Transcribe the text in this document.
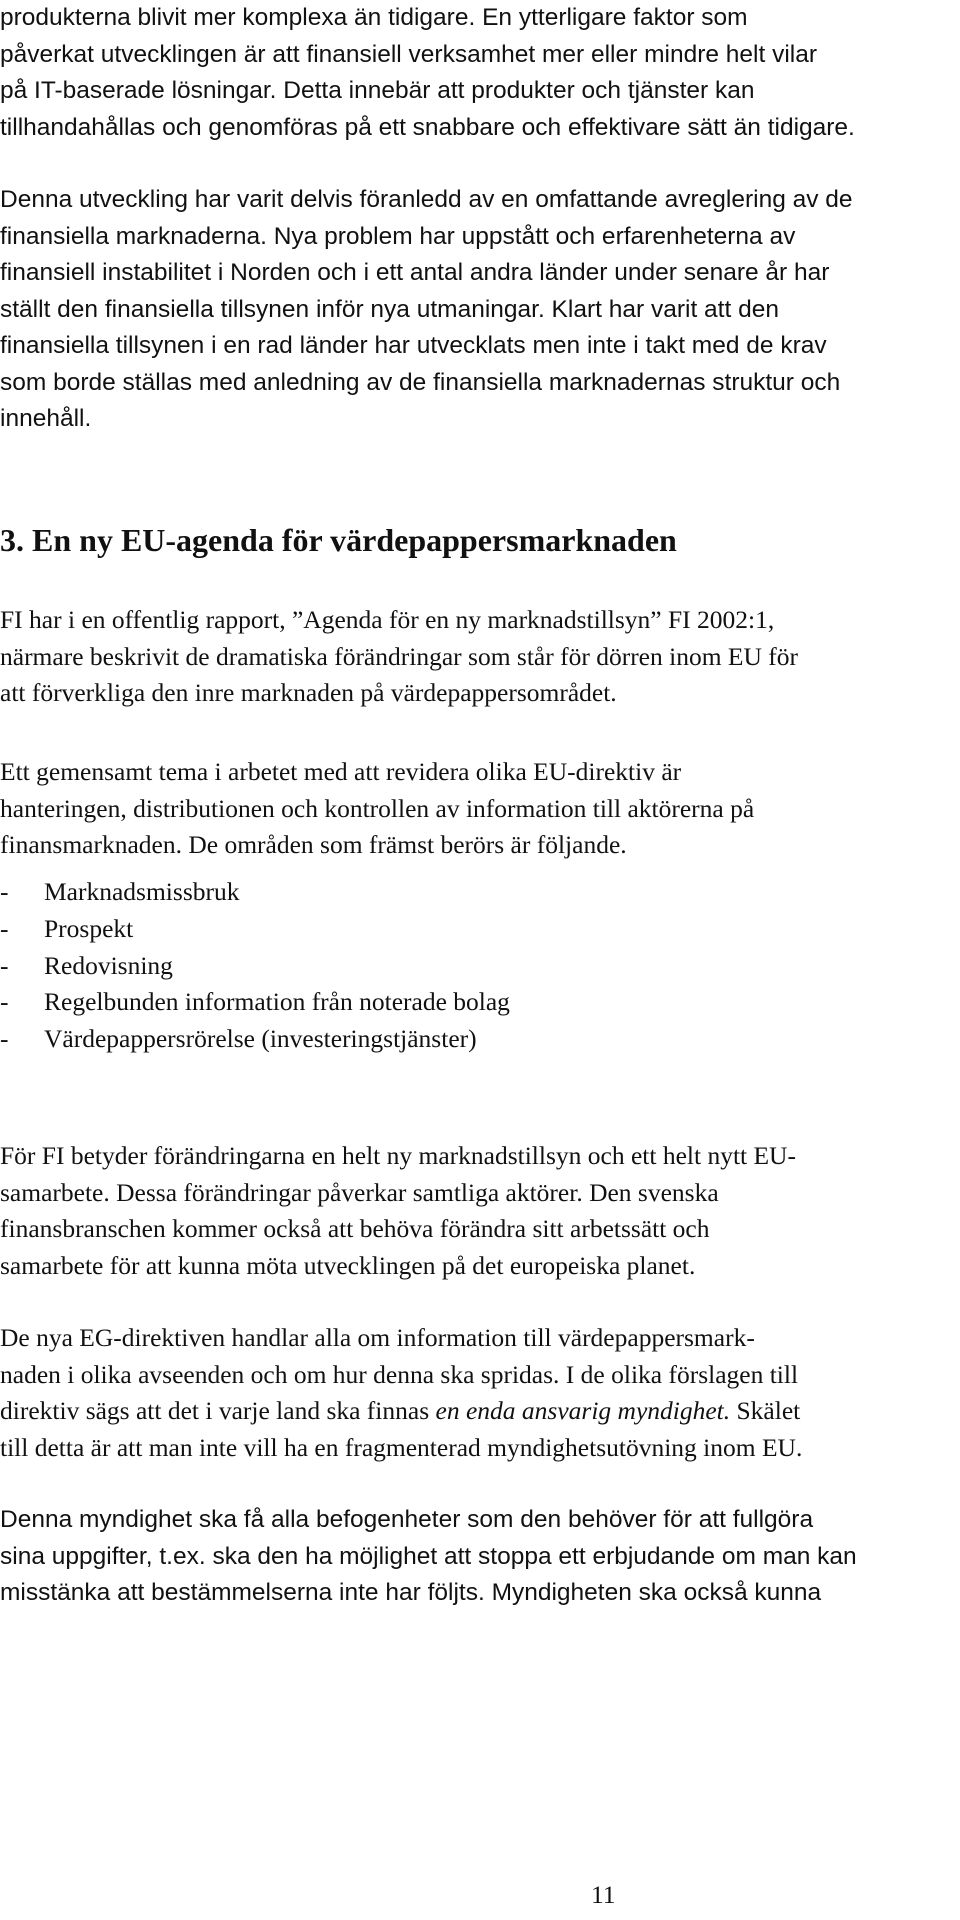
produkterna blivit mer komplexa än tidigare. En ytterligare faktor som
påverkat utvecklingen är att finansiell verksamhet mer eller mindre helt vilar
på IT-baserade lösningar. Detta innebär att produkter och tjänster kan
tillhandahållas och genomföras på ett snabbare och effektivare sätt än tidigare.

Denna utveckling har varit delvis föranledd av en omfattande avreglering av de
finansiella marknaderna. Nya problem har uppstått och erfarenheterna av
finansiell instabilitet i Norden och i ett antal andra länder under senare år har
ställt den finansiella tillsynen inför nya utmaningar. Klart har varit att den
finansiella tillsynen i en rad länder har utvecklats men inte i takt med de krav
som borde ställas med anledning av de finansiella marknadernas struktur och
innehåll.

3. En ny EU-agenda för värdepappersmarknaden

FI har i en offentlig rapport, ”Agenda för en ny marknadstillsyn” FI 2002:1,
närmare beskrivit de dramatiska förändringar som står för dörren inom EU för
att förverkliga den inre marknaden på värdepappersområdet.

Ett gemensamt tema i arbetet med att revidera olika EU-direktiv är
hanteringen, distributionen och kontrollen av information till aktörerna på
finansmarknaden. De områden som främst berörs är följande.

-	Marknadsmissbruk
-	Prospekt
-	Redovisning
-	Regelbunden information från noterade bolag
-	Värdepappersrörelse (investeringstjänster)

För FI betyder förändringarna en helt ny marknadstillsyn och ett helt nytt EU-
samarbete. Dessa förändringar påverkar samtliga aktörer. Den svenska
finansbranschen kommer också att behöva förändra sitt arbetssätt och
samarbete för att kunna möta utvecklingen på det europeiska planet.

De nya EG-direktiven handlar alla om information till värdepappersmark-
naden i olika avseenden och om hur denna ska spridas. I de olika förslagen till
direktiv sägs att det i varje land ska finnas en enda ansvarig myndighet. Skälet
till detta är att man inte vill ha en fragmenterad myndighetsutövning inom EU.

Denna myndighet ska få alla befogenheter som den behöver för att fullgöra
sina uppgifter, t.ex. ska den ha möjlighet att stoppa ett erbjudande om man kan
misstänka att bestämmelserna inte har följts. Myndigheten ska också kunna

11
